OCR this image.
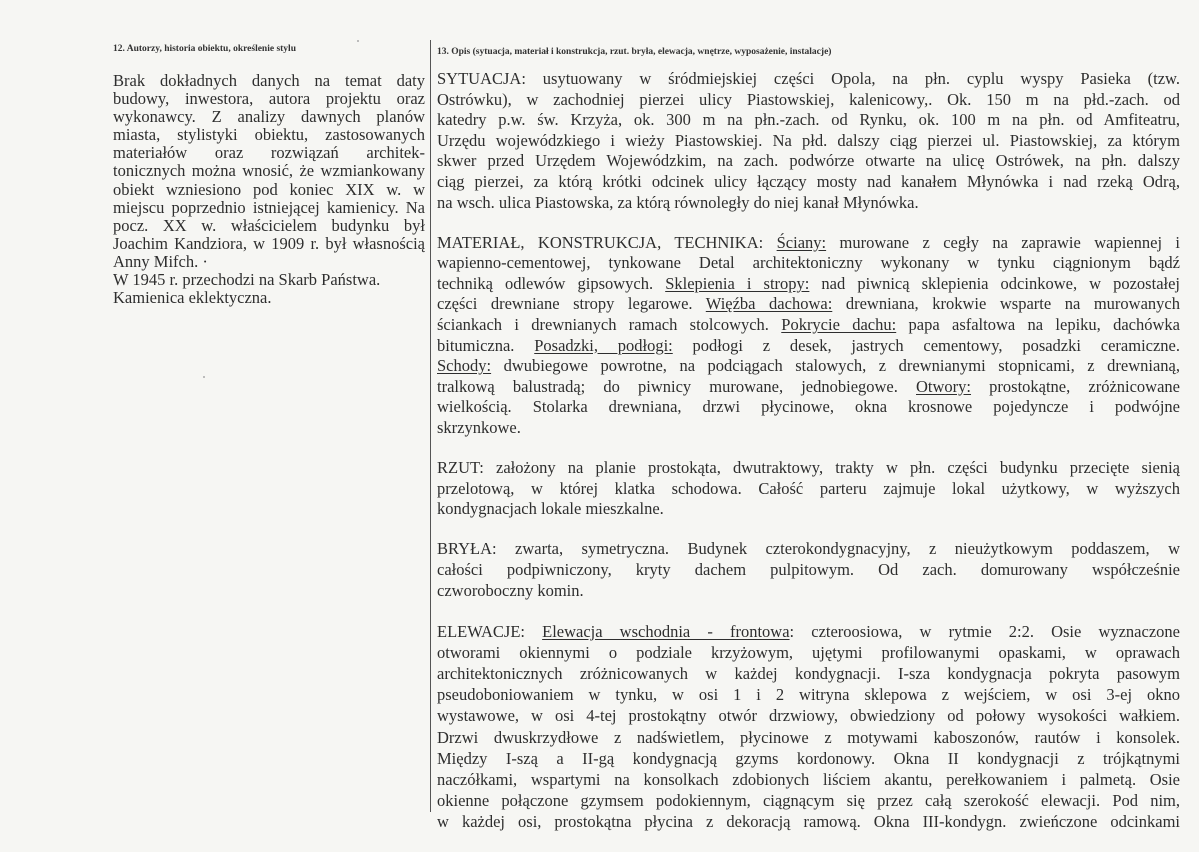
12. Autorzy, historia obiektu, określenie stylu	13. Opis (sytuacja, materiał i konstrukcja, rzut. bryła, elewacja, wnętrze, wyposażenie, instalacje)
Brak dokładnych danych na temat daty
budowy, inwestora, autora projektu oraz
wykonawcy. Z analizy dawnych planów
miasta, stylistyki obiektu, zastosowanych
materiałów oraz rozwiązań architek-
tonicznych można wnosić, że wzmiankowany
obiekt wzniesiono pod koniec XIX w. w
miejscu poprzednio istniejącej kamienicy. Na
pocz. XX w. właścicielem budynku był
Joachim Kandziora, w 1909 r. był własnością
Anny Mifch. ·
W 1945 r. przechodzi na Skarb Państwa.
Kamienica eklektyczna.
SYTUACJA: usytuowany w śródmiejskiej części Opola, na płn. cyplu wyspy Pasieka (tzw.
Ostrówku), w zachodniej pierzei ulicy Piastowskiej, kalenicowy,. Ok. 150 m na płd.-zach. od
katedry p.w. św. Krzyża, ok. 300 m na płn.-zach. od Rynku, ok. 100 m na płn. od Amfiteatru,
Urzędu wojewódzkiego i wieży Piastowskiej. Na płd. dalszy ciąg pierzei ul. Piastowskiej, za którym
skwer przed Urzędem Wojewódzkim, na zach. podwórze otwarte na ulicę Ostrówek, na płn. dalszy
ciąg pierzei, za którą krótki odcinek ulicy łączący mosty nad kanałem Młynówka i nad rzeką Odrą,
na wsch. ulica Piastowska, za którą równoległy do niej kanał Młynówka.
MATERIAŁ, KONSTRUKCJA, TECHNIKA: Ściany: murowane z cegły na zaprawie wapiennej i
wapienno-cementowej, tynkowane Detal architektoniczny wykonany w tynku ciągnionym bądź
techniką odlewów gipsowych. Sklepienia i stropy: nad piwnicą sklepienia odcinkowe, w pozostałej
części drewniane stropy legarowe. Więźba dachowa: drewniana, krokwie wsparte na murowanych
ściankach i drewnianych ramach stolcowych. Pokrycie dachu: papa asfaltowa na lepiku, dachówka
bitumiczna. Posadzki, podłogi: podłogi z desek, jastrych cementowy, posadzki ceramiczne.
Schody: dwubiegowe powrotne, na podciągach stalowych, z drewnianymi stopnicami, z drewnianą,
tralkową balustradą; do piwnicy murowane, jednobiegowe. Otwory: prostokątne, zróżnicowane
wielkością. Stolarka drewniana, drzwi płycinowe, okna krosnowe pojedyncze i podwójne
skrzynkowe.
RZUT: założony na planie prostokąta, dwutraktowy, trakty w płn. części budynku przecięte sienią
przelotową, w której klatka schodowa. Całość parteru zajmuje lokal użytkowy, w wyższych
kondygnacjach lokale mieszkalne.
BRYŁA: zwarta, symetryczna. Budynek czterokondygnacyjny, z nieużytkowym poddaszem, w
całości podpiwniczony, kryty dachem pulpitowym. Od zach. domurowany współcześnie
czworoboczny komin.
ELEWACJE: Elewacja wschodnia - frontowa: czteroosiowa, w rytmie 2:2. Osie wyznaczone
otworami okiennymi o podziale krzyżowym, ujętymi profilowanymi opaskami, w oprawach
architektonicznych zróżnicowanych w każdej kondygnacji. I-sza kondygnacja pokryta pasowym
pseudoboniowaniem w tynku, w osi 1 i 2 witryna sklepowa z wejściem, w osi 3-ej okno
wystawowe, w osi 4-tej prostokątny otwór drzwiowy, obwiedziony od połowy wysokości wałkiem.
Drzwi dwuskrzydłowe z nadświetlem, płycinowe z motywami kaboszonów, rautów i konsolek.
Między I-szą a II-gą kondygnacją gzyms kordonowy. Okna II kondygnacji z trójkątnymi
naczółkami, wspartymi na konsolkach zdobionych liściem akantu, perełkowaniem i palmetą. Osie
okienne połączone gzymsem podokiennym, ciągnącym się przez całą szerokość elewacji. Pod nim,
w każdej osi, prostokątna płycina z dekoracją ramową. Okna III-kondygn. zwieńczone odcinkami
